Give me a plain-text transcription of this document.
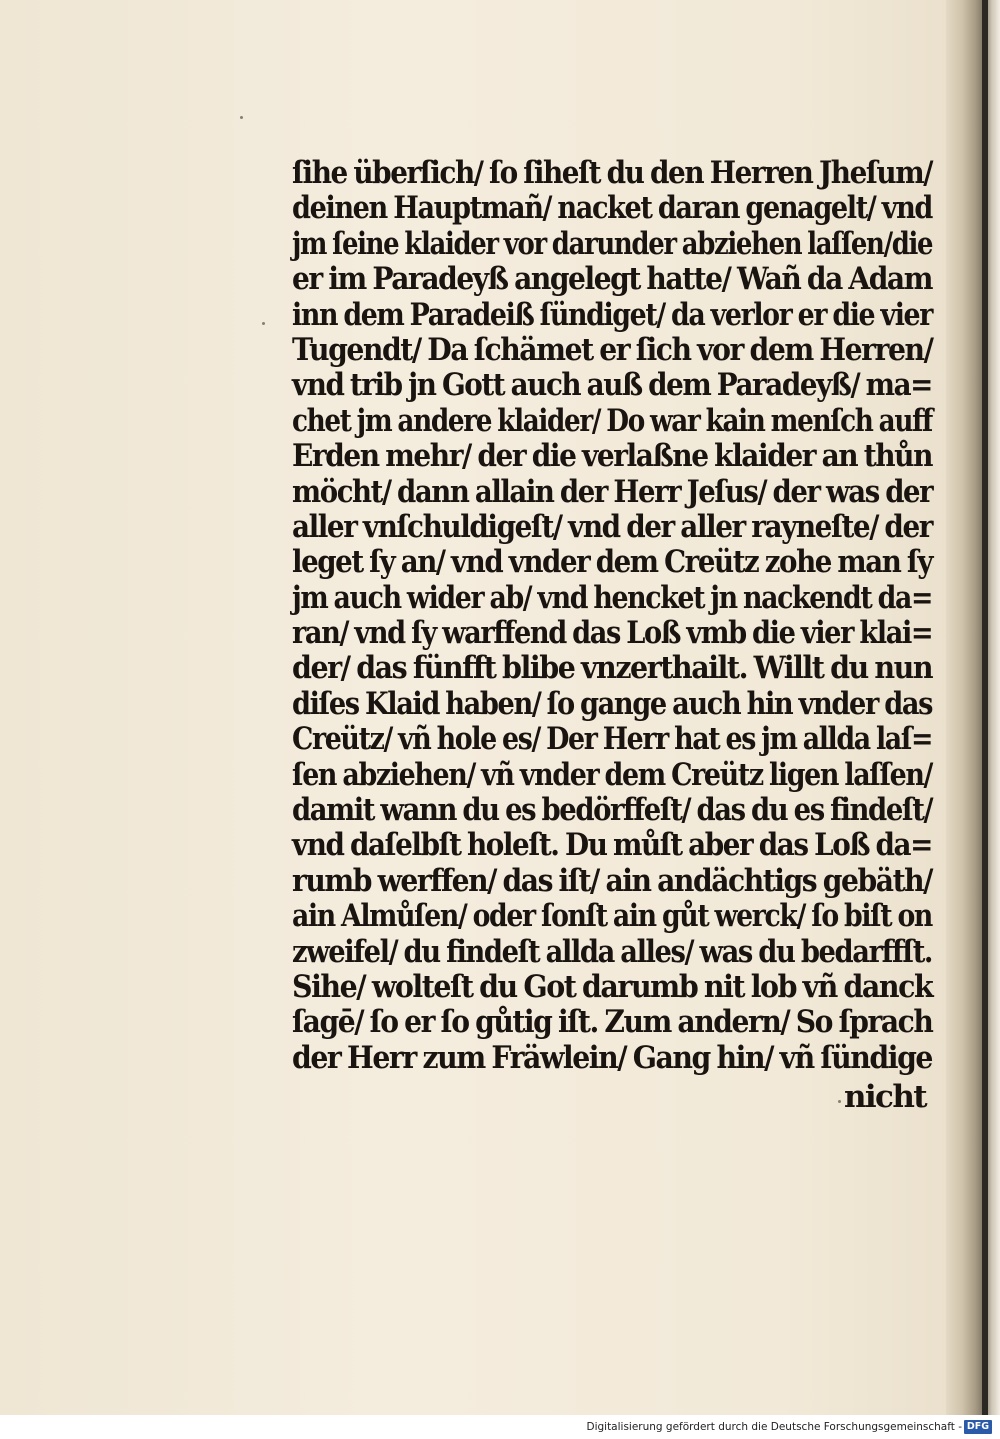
ſihe überſich/ ſo ſiheſt du den Herren Jheſum/
deinen Hauptmañ/ nacket daran genagelt/ vnd
jm ſeine klaider vor darunder abziehen laſſen/die
er im Paradeyß angelegt hatte/ Wañ da Adam
inn dem Paradeiß ſündiget/ da verlor er die vier
Tugendt/ Da ſchämet er ſich vor dem Herren/
vnd trib jn Gott auch auß dem Paradeyß/ ma=
chet jm andere klaider/ Do war kain menſch auff
Erden mehr/ der die verlaßne klaider an thůn
möcht/ dann allain der Herr Jeſus/ der was der
aller vnſchuldigeſt/ vnd der aller rayneſte/ der
leget ſy an/ vnd vnder dem Creütz zohe man ſy
jm auch wider ab/ vnd hencket jn nackendt da=
ran/ vnd ſy warffend das Loß vmb die vier klai=
der/ das fünfft blibe vnzerthailt. Willt du nun
diſes Klaid haben/ ſo gange auch hin vnder das
Creütz/ vñ hole es/ Der Herr hat es jm allda laſ=
ſen abziehen/ vñ vnder dem Creütz ligen laſſen/
damit wann du es bedörffeſt/ das du es findeſt/
vnd daſelbſt holeſt. Du můſt aber das Loß da=
rumb werffen/ das iſt/ ain andächtigs gebäth/
ain Almůſen/ oder ſonſt ain gůt werck/ ſo biſt on
zweifel/ du findeſt allda alles/ was du bedarffſt.
Sihe/ wolteſt du Got darumb nit lob vñ danck
ſagē/ ſo er ſo gůtig iſt. Zum andern/ So ſprach
der Herr zum Fräwlein/ Gang hin/ vñ ſündige
nicht
Digitalisierung gefördert durch die Deutsche Forschungsgemeinschaft - DFG
